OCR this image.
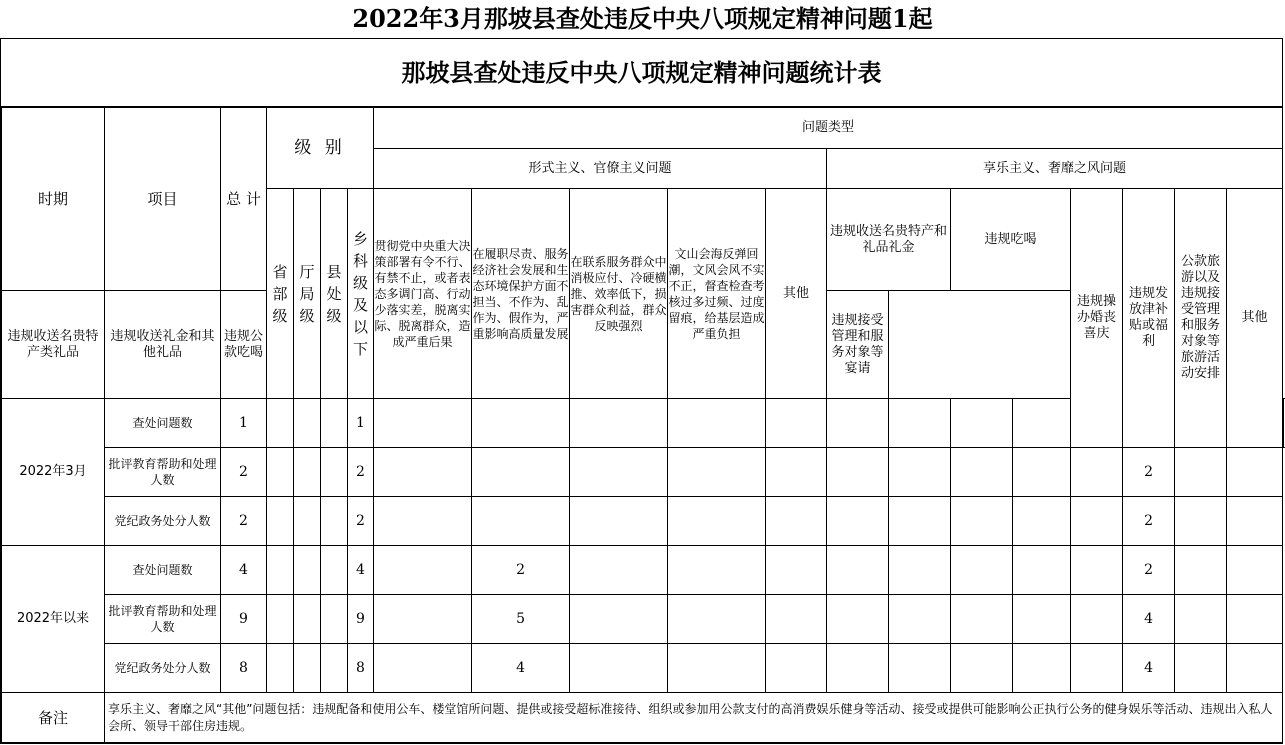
2022年3月那坡县查处违反中央八项规定精神问题1起
那坡县查处违反中央八项规定精神问题统计表
时期	项目	总 计	级 别				问题类型													
							形式主义、官僚主义问题					享乐主义、奢靡之风问题								
			省部级	厅局级	县处级	乡科级及以下	贯彻党中央重大决策部署有令不行、有禁不止，或者表态多调门高、行动少落实差，脱离实际、脱离群众，造成严重后果	在履职尽责、服务经济社会发展和生态环境保护方面不担当、不作为、乱作为、假作为，严重影响高质量发展	在联系服务群众中消极应付、冷硬横推、效率低下，损害群众利益，群众反映强烈	文山会海反弹回潮，文风会风不实不正，督查检查考核过多过频、过度留痕，给基层造成严重负担	其他	违规收送名贵特产和礼品礼金		违规吃喝		违规操办婚丧喜庆	违规发放津补贴或福利	公款旅游以及违规接受管理和服务对象等旅游活动安排	其他	
违规收送名贵特产类礼品	违规收送礼金和其他礼品	违规公款吃喝										违规接受管理和服务对象等宴请								
2022年3月	查处问题数	1				1													
	批评教育帮助和处理人数	2				2											2			
	党纪政务处分人数	2				2											2			
2022年以来	查处问题数	4				4		2									2			
	批评教育帮助和处理人数	9				9		5									4			
	党纪政务处分人数	8				8		4									4			
备注	享乐主义、奢靡之风“其他”问题包括：违规配备和使用公车、楼堂馆所问题、提供或接受超标准接待、组织或参加用公款支付的高消费娱乐健身等活动、接受或提供可能影响公正执行公务的健身娱乐等活动、违规出入私人会所、领导干部住房违规。																			
